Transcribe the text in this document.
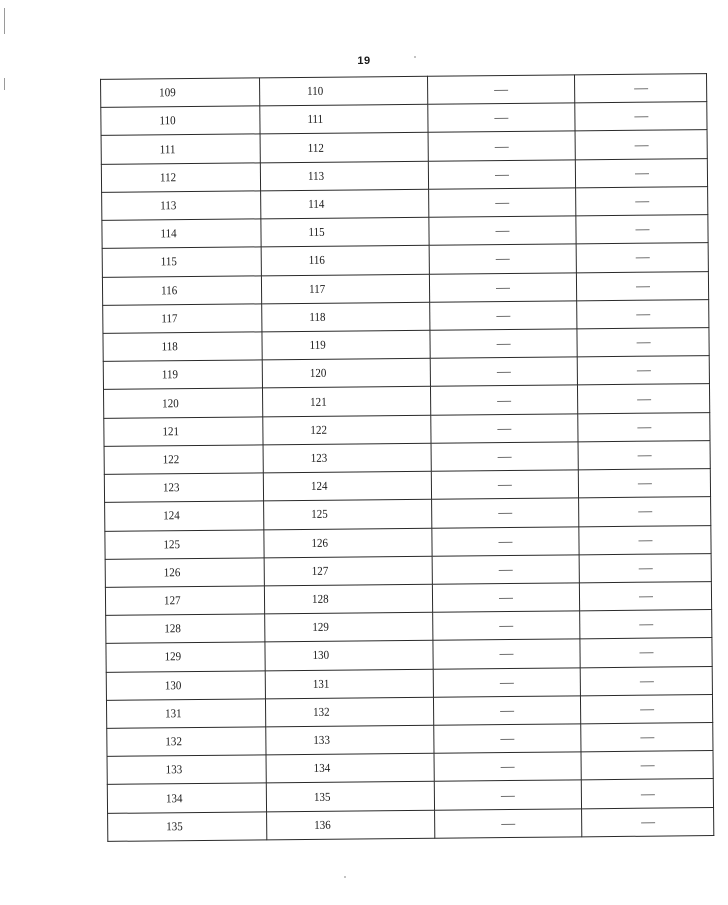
19
109	110	—	—
110	111	—	—
111	112	—	—
112	113	—	—
113	114	—	—
114	115	—	—
115	116	—	—
116	117	—	—
117	118	—	—
118	119	—	—
119	120	—	—
120	121	—	—
121	122	—	—
122	123	—	—
123	124	—	—
124	125	—	—
125	126	—	—
126	127	—	—
127	128	—	—
128	129	—	—
129	130	—	—
130	131	—	—
131	132	—	—
132	133	—	—
133	134	—	—
134	135	—	—
135	136	—	—
